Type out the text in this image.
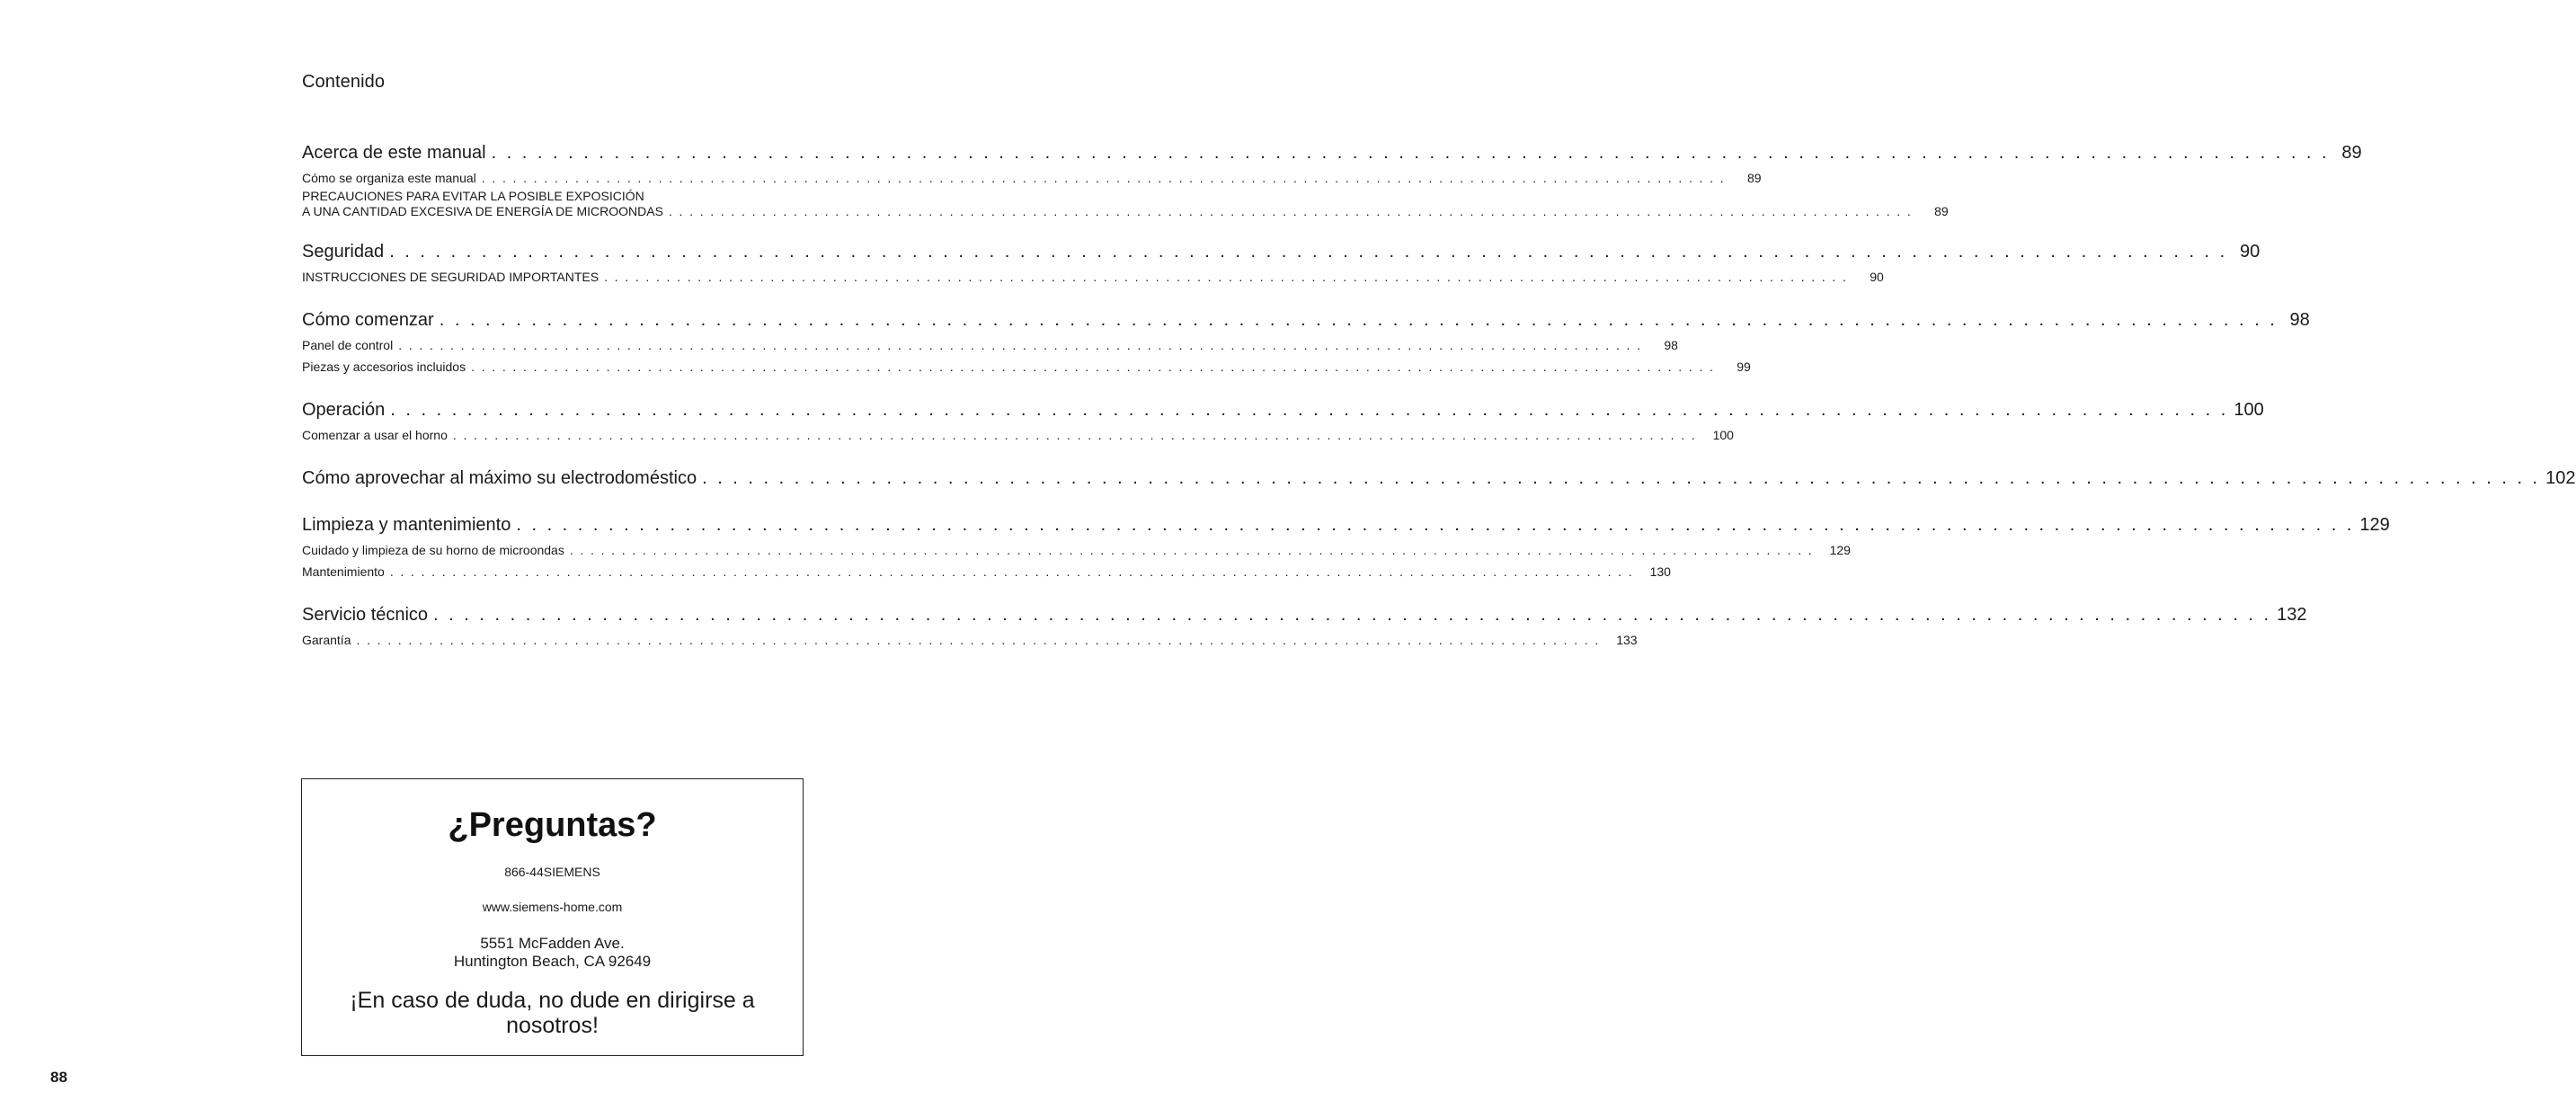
Contenido
Acerca de este manual . . . . . . . . . . . . . . . . . . . . . . . . . . . . . . . . . . . . . . . . . . . . . . . . . . . . . . . . . . . . . . . . . . . . . . . . . . . . . . . . . . . . . . . . . . . . . . . . . . . . . . . . . . . . . . . . . . . . . . . . 89
Cómo se organiza este manual . . . . . . . . . . . . . . . . . . . . . . . . . . . . . . . . . . . . . . . . . . . . . . . . . . . . . . . . . . . . . . . . . . . . . . . . . . . . . . . . . . . . . . . . . . . . . . . . . . . . . . . . . . . . . . . . . . . . . . . .	89
PRECAUCIONES PARA EVITAR LA POSIBLE EXPOSICIÓN
A UNA CANTIDAD EXCESIVA DE ENERGÍA DE MICROONDAS . . . . . . . . . . . . . . . . . . . . . . . . . . . . . . . . . . . . . . . . . . . . . . . . . . . . . . . . . . . . . . . . . . . . . . . . . . . . . . . . . . . . . . . . . . . . . . . . . . . . . . . . . . . . . . . . . . . . . . . .	89
Seguridad . . . . . . . . . . . . . . . . . . . . . . . . . . . . . . . . . . . . . . . . . . . . . . . . . . . . . . . . . . . . . . . . . . . . . . . . . . . . . . . . . . . . . . . . . . . . . . . . . . . . . . . . . . . . . . . . . . . . . . . . 90
INSTRUCCIONES DE SEGURIDAD IMPORTANTES . . . . . . . . . . . . . . . . . . . . . . . . . . . . . . . . . . . . . . . . . . . . . . . . . . . . . . . . . . . . . . . . . . . . . . . . . . . . . . . . . . . . . . . . . . . . . . . . . . . . . . . . . . . . . . . . . . . . . . . .	90
Cómo comenzar . . . . . . . . . . . . . . . . . . . . . . . . . . . . . . . . . . . . . . . . . . . . . . . . . . . . . . . . . . . . . . . . . . . . . . . . . . . . . . . . . . . . . . . . . . . . . . . . . . . . . . . . . . . . . . . . . . . . . . . . 98
Panel de control . . . . . . . . . . . . . . . . . . . . . . . . . . . . . . . . . . . . . . . . . . . . . . . . . . . . . . . . . . . . . . . . . . . . . . . . . . . . . . . . . . . . . . . . . . . . . . . . . . . . . . . . . . . . . . . . . . . . . . . .	98
Piezas y accesorios incluidos . . . . . . . . . . . . . . . . . . . . . . . . . . . . . . . . . . . . . . . . . . . . . . . . . . . . . . . . . . . . . . . . . . . . . . . . . . . . . . . . . . . . . . . . . . . . . . . . . . . . . . . . . . . . . . . . . . . . . . . .	99
Operación . . . . . . . . . . . . . . . . . . . . . . . . . . . . . . . . . . . . . . . . . . . . . . . . . . . . . . . . . . . . . . . . . . . . . . . . . . . . . . . . . . . . . . . . . . . . . . . . . . . . . . . . . . . . . . . . . . . . . . . . 100
Comenzar a usar el horno . . . . . . . . . . . . . . . . . . . . . . . . . . . . . . . . . . . . . . . . . . . . . . . . . . . . . . . . . . . . . . . . . . . . . . . . . . . . . . . . . . . . . . . . . . . . . . . . . . . . . . . . . . . . . . . . . . . . . . . . 100
Cómo aprovechar al máximo su electrodoméstico . . . . . . . . . . . . . . . . . . . . . . . . . . . . . . . . . . . . . . . . . . . . . . . . . . . . . . . . . . . . . . . . . . . . . . . . . . . . . . . . . . . . . . . . . . . . . . . . . . . . . . . . . . . . . . . . . . . . . . . . 102
Limpieza y mantenimiento . . . . . . . . . . . . . . . . . . . . . . . . . . . . . . . . . . . . . . . . . . . . . . . . . . . . . . . . . . . . . . . . . . . . . . . . . . . . . . . . . . . . . . . . . . . . . . . . . . . . . . . . . . . . . . . . . . . . . . . . 129
Cuidado y limpieza de su horno de microondas . . . . . . . . . . . . . . . . . . . . . . . . . . . . . . . . . . . . . . . . . . . . . . . . . . . . . . . . . . . . . . . . . . . . . . . . . . . . . . . . . . . . . . . . . . . . . . . . . . . . . . . . . . . . . . . . . . . . . . . . 129
Mantenimiento . . . . . . . . . . . . . . . . . . . . . . . . . . . . . . . . . . . . . . . . . . . . . . . . . . . . . . . . . . . . . . . . . . . . . . . . . . . . . . . . . . . . . . . . . . . . . . . . . . . . . . . . . . . . . . . . . . . . . . . . 130
Servicio técnico . . . . . . . . . . . . . . . . . . . . . . . . . . . . . . . . . . . . . . . . . . . . . . . . . . . . . . . . . . . . . . . . . . . . . . . . . . . . . . . . . . . . . . . . . . . . . . . . . . . . . . . . . . . . . . . . . . . . . . . . 132
Garantía . . . . . . . . . . . . . . . . . . . . . . . . . . . . . . . . . . . . . . . . . . . . . . . . . . . . . . . . . . . . . . . . . . . . . . . . . . . . . . . . . . . . . . . . . . . . . . . . . . . . . . . . . . . . . . . . . . . . . . . . 133
¿Preguntas?
866-44SIEMENS
www.siemens-home.com
5551 McFadden Ave.
Huntington Beach, CA 92649
¡En caso de duda, no dude en dirigirse a nosotros!
88
